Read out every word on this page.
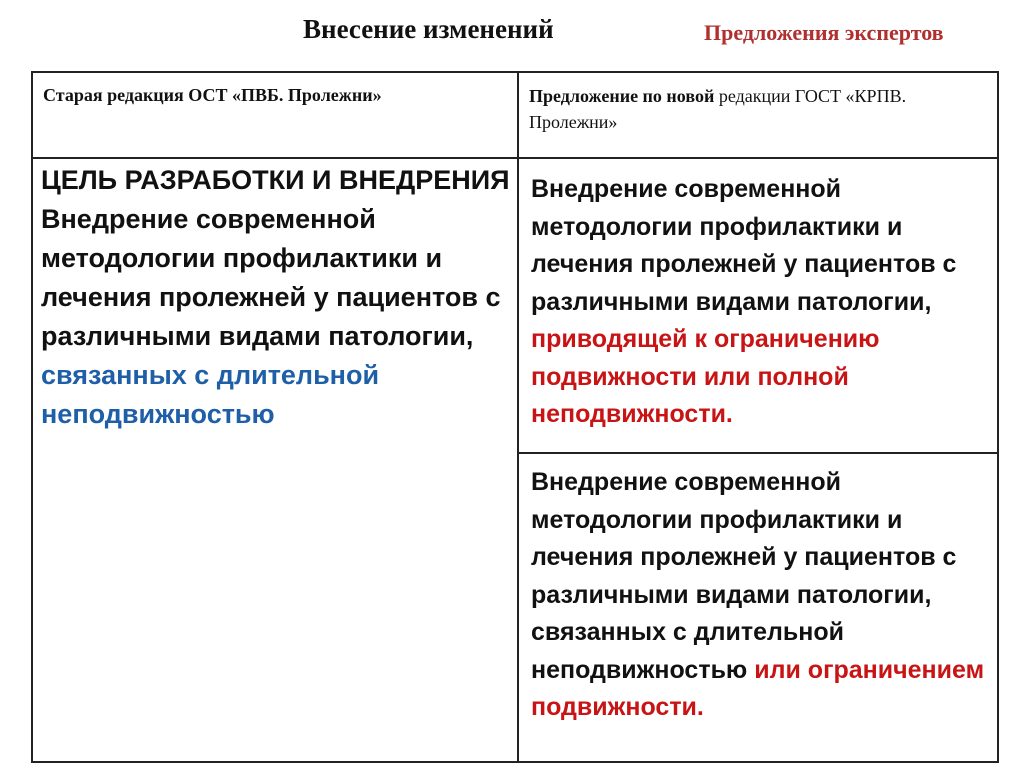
Внесение изменений	Предложения экспертов
Старая редакция ОСТ «ПВБ. Пролежни»	Предложение по новой редакции ГОСТ «КРПВ. Пролежни»
ЦЕЛЬ РАЗРАБОТКИ И ВНЕДРЕНИЯ
Внедрение современной методологии профилактики и лечения пролежней у пациентов с различными видами патологии, связанных с длительной неподвижностью
Внедрение современной методологии профилактики и лечения пролежней у пациентов с различными видами патологии, приводящей к ограничению подвижности или полной неподвижности.
Внедрение современной методологии профилактики и лечения пролежней у пациентов с различными видами патологии, связанных с длительной неподвижностью или ограничением подвижности.
